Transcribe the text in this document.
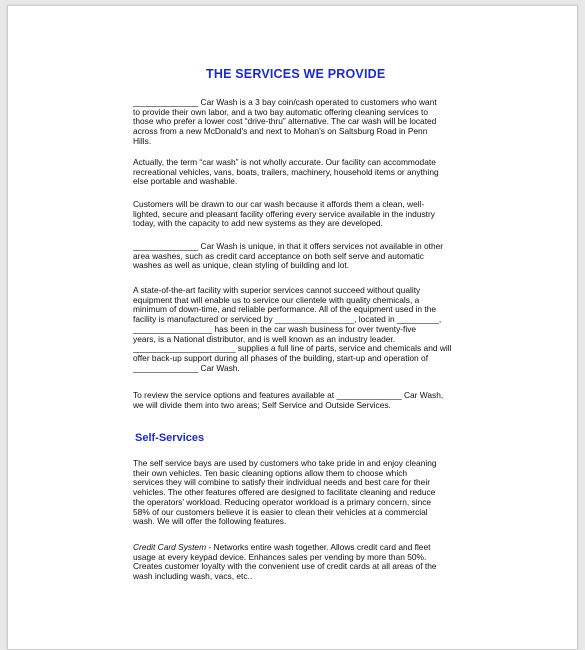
THE SERVICES WE PROVIDE
______________ Car Wash is a 3 bay coin/cash operated to customers who want
to provide their own labor, and a two bay automatic offering cleaning services to
those who prefer a lower cost “drive-thru” alternative. The car wash will be located
across from a new McDonald’s and next to Mohan’s on Saltsburg Road in Penn
Hills.
Actually, the term “car wash” is not wholly accurate. Our facility can accommodate
recreational vehicles, vans, boats, trailers, machinery, household items or anything
else portable and washable.
Customers will be drawn to our car wash because it affords them a clean, well-
lighted, secure and pleasant facility offering every service available in the industry
today, with the capacity to add new systems as they are developed.
______________ Car Wash is unique, in that it offers services not available in other
area washes, such as credit card acceptance on both self serve and automatic
washes as well as unique, clean styling of building and lot.
A state-of-the-art facility with superior services cannot succeed without quality
equipment that will enable us to service our clientele with quality chemicals, a
minimum of down-time, and reliable performance. All of the equipment used in the
facility is manufactured or serviced by _________________, located in _________,
_________________ has been in the car wash business for over twenty-five
years, is a National distributor, and is well known as an industry leader.
______________________ supplies a full line of parts, service and chemicals and will
offer back-up support during all phases of the building, start-up and operation of
______________ Car Wash.
To review the service options and features available at ______________ Car Wash,
we will divide them into two areas; Self Service and Outside Services.
Self-Services
The self service bays are used by customers who take pride in and enjoy cleaning
their own vehicles. Ten basic cleaning options allow them to choose which
services they will combine to satisfy their individual needs and best care for their
vehicles. The other features offered are designed to facilitate cleaning and reduce
the operators’ workload. Reducing operator workload is a primary concern, since
58% of our customers believe it is easier to clean their vehicles at a commercial
wash. We will offer the following features.
Credit Card System - Networks entire wash together. Allows credit card and fleet
usage at every keypad device. Enhances sales per vending by more than 50%.
Creates customer loyalty with the convenient use of credit cards at all areas of the
wash including wash, vacs, etc..
